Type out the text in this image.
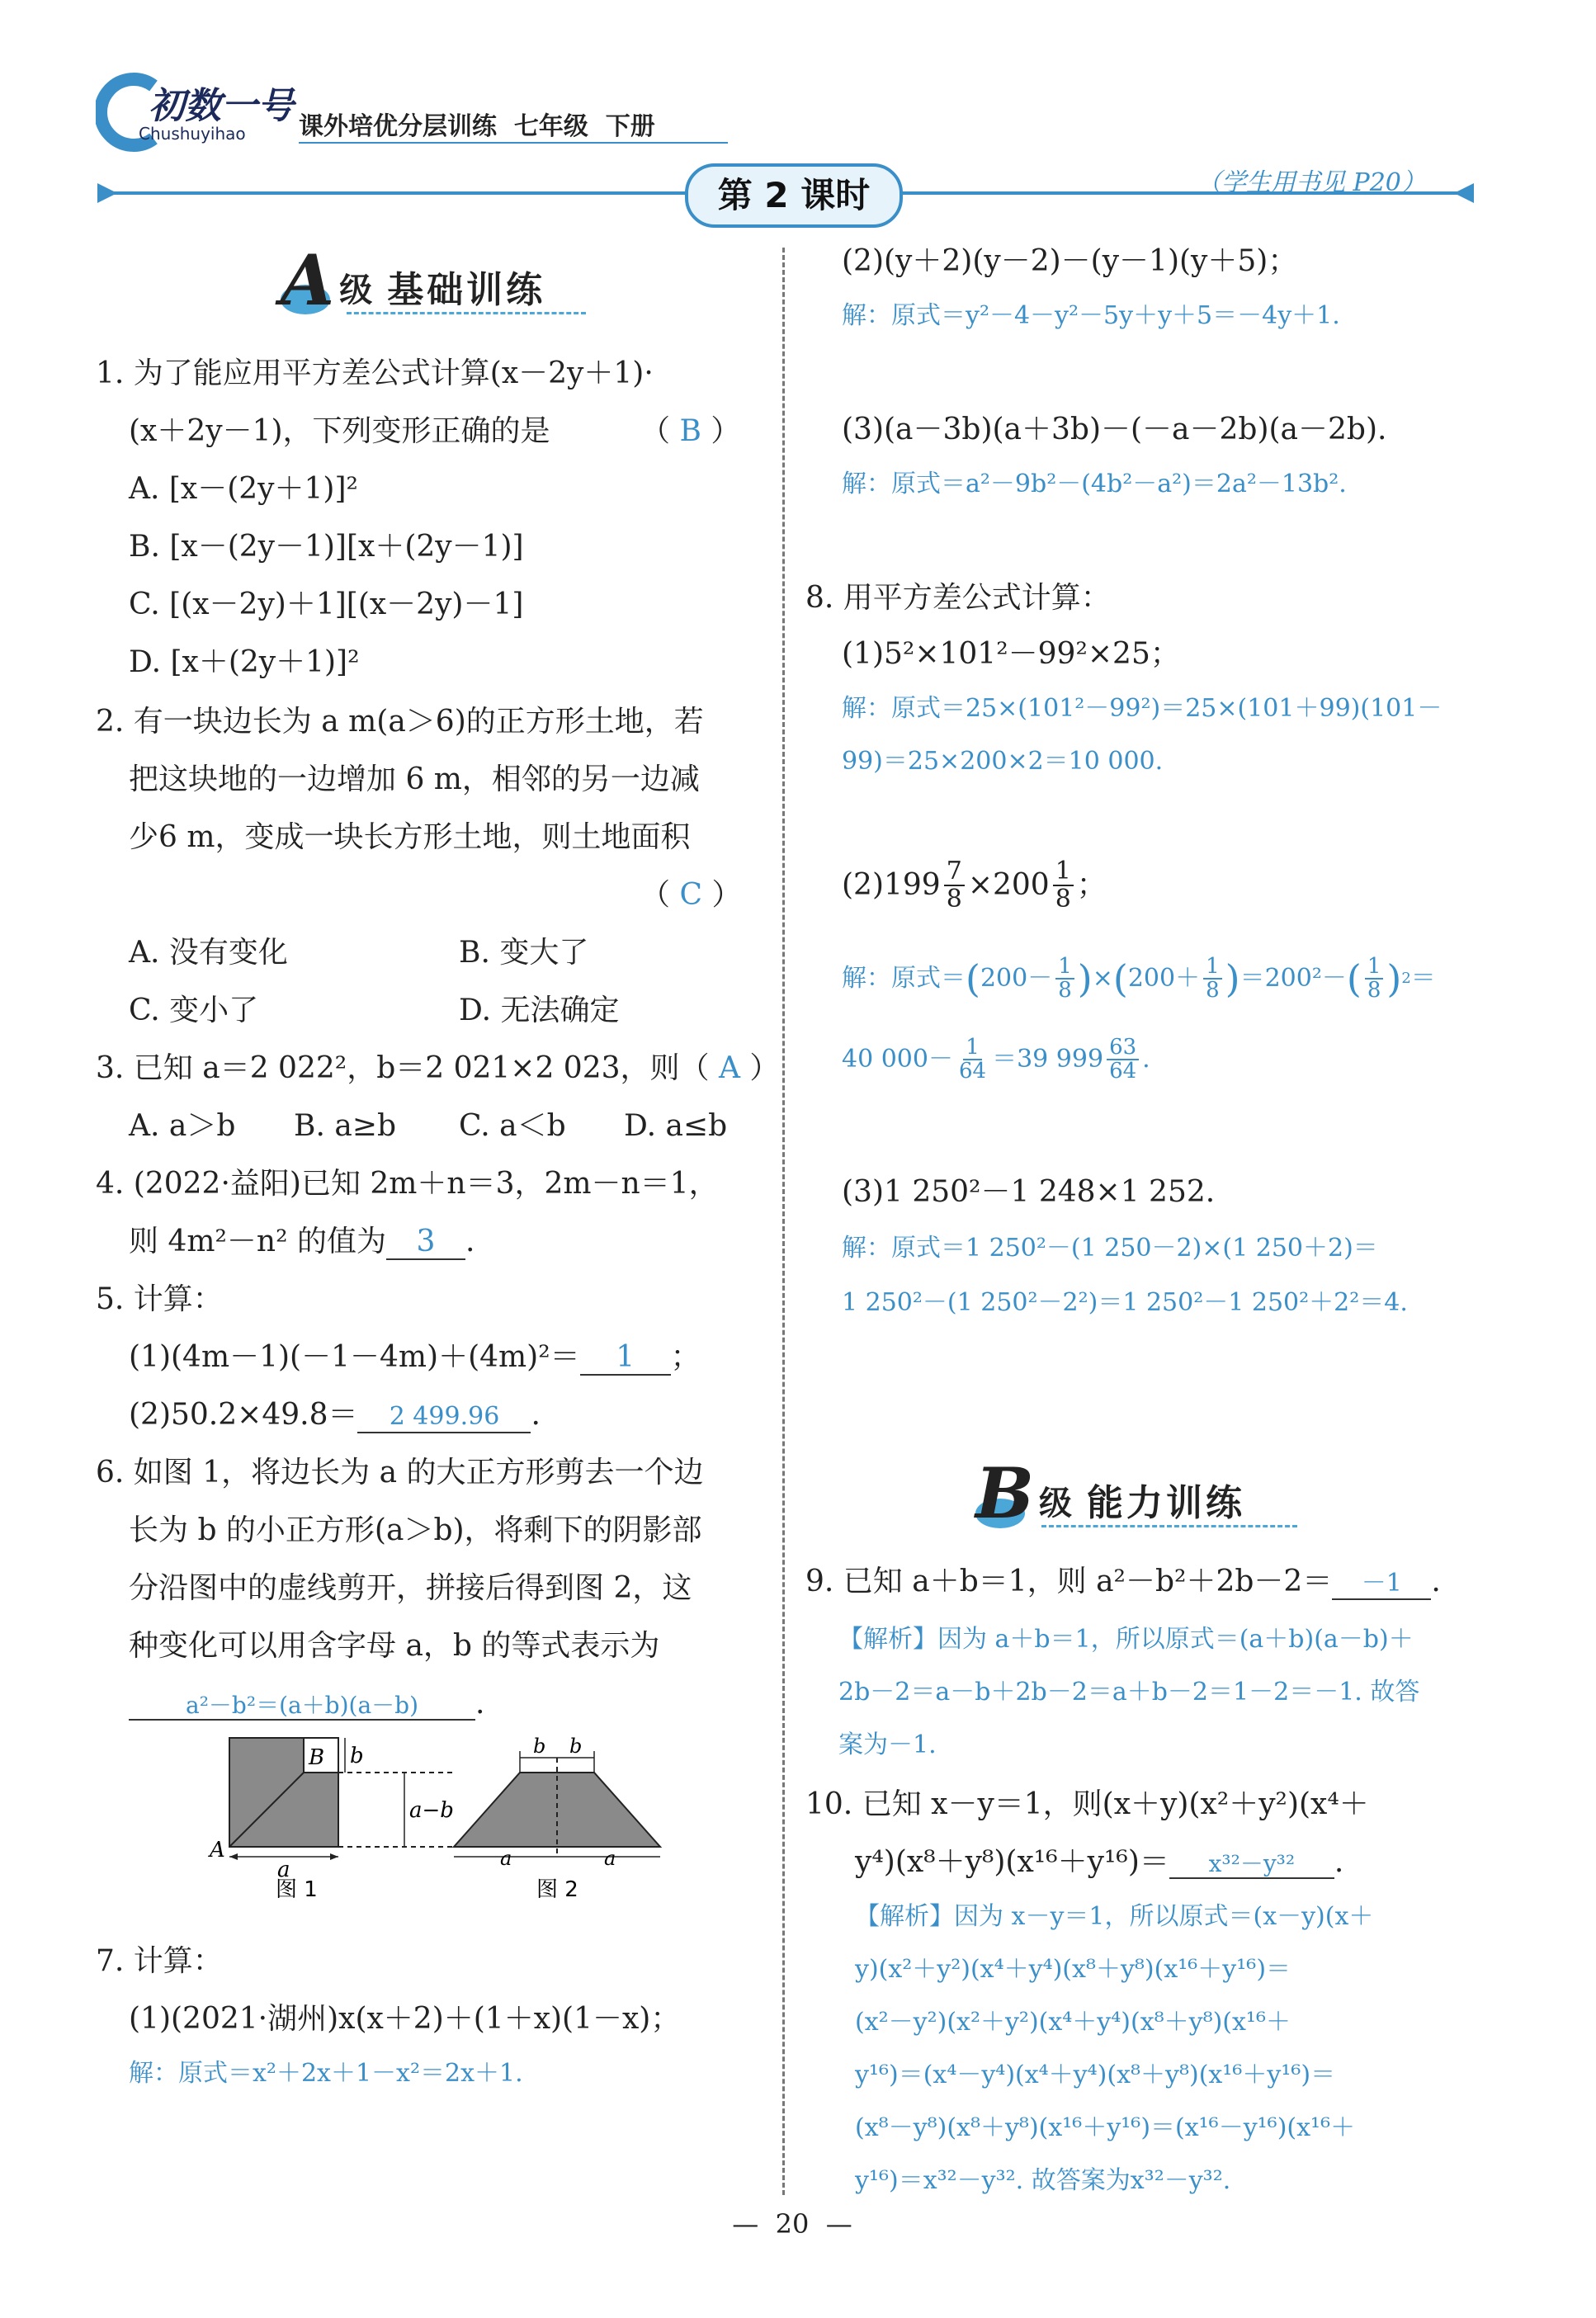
初数一号
Chushuyihao 课外培优分层训练 七年级 下册
第 2 课时	（学生用书见 P20）
A 级 基础训练
1. 为了能应用平方差公式计算(x－2y＋1)·
(x＋2y－1)，下列变形正确的是	（ B ）
A. [x－(2y＋1)]²
B. [x－(2y－1)][x＋(2y－1)]
C. [(x－2y)＋1][(x－2y)－1]
D. [x＋(2y＋1)]²
2. 有一块边长为 a m(a＞6)的正方形土地，若
把这块地的一边增加 6 m，相邻的另一边减
少6 m，变成一块长方形土地，则土地面积
（ C ）
A. 没有变化	B. 变大了
C. 变小了	D. 无法确定
3. 已知 a＝2 022²，b＝2 021×2 023，则（ A ）
A. a＞b B. a≥b C. a＜b D. a≤b
4. (2022·益阳)已知 2m＋n＝3，2m－n＝1，
则 4m²－n² 的值为 3 .
5. 计算：
(1)(4m－1)(－1－4m)＋(4m)²＝ 1 ；
(2)50.2×49.8＝ 2 499.96 .
6. 如图 1，将边长为 a 的大正方形剪去一个边
长为 b 的小正方形(a＞b)，将剩下的阴影部
分沿图中的虚线剪开，拼接后得到图 2，这
种变化可以用含字母 a，b 的等式表示为
a²－b²＝(a＋b)(a－b) .
B b
a−b
A
a
图 1
b b
a	a
图 2
7. 计算：
(1)(2021·湖州)x(x＋2)＋(1＋x)(1－x)；
解：原式＝x²＋2x＋1－x²＝2x＋1.
(2)(y＋2)(y－2)－(y－1)(y＋5)；
解：原式＝y²－4－y²－5y＋y＋5＝－4y＋1.
(3)(a－3b)(a＋3b)－(－a－2b)(a－2b).
解：原式＝a²－9b²－(4b²－a²)＝2a²－13b².
8. 用平方差公式计算：
(1)5²×101²－99²×25；
解：原式＝25×(101²－99²)＝25×(101＋99)(101－
99)＝25×200×2＝10 000.
$(2)199 \frac{7}{8} \times 200 \frac{1}{8}$ ；
解：原式＝ ( $200- \frac{1}{8}$ ) × ( $200+ \frac{1}{8}$ ) ＝200²－ ( $\frac{1}{8}$ ) 2 ＝
40 $000- \frac{1}{64} =39$ $999 \frac{63}{64}$ .
(3)1 250²－1 248×1 252.
解：原式＝1 250²－(1 250－2)×(1 250＋2)＝
1 250²－(1 250²－2²)＝1 250²－1 250²＋2²＝4.
B 级 能力训练
9. 已知 a＋b＝1，则 a²－b²＋2b－2＝ －1 .
【解析】因为 a＋b＝1，所以原式＝(a＋b)(a－b)＋
2b－2＝a－b＋2b－2＝a＋b－2＝1－2＝－1. 故答
案为－1.
10. 已知 x－y＝1，则(x＋y)(x²＋y²)(x⁴＋
y⁴)(x⁸＋y⁸)(x¹⁶＋y¹⁶)＝ x³²－y³² .
【解析】因为 x－y＝1，所以原式＝(x－y)(x＋
y)(x²＋y²)(x⁴＋y⁴)(x⁸＋y⁸)(x¹⁶＋y¹⁶)＝
(x²－y²)(x²＋y²)(x⁴＋y⁴)(x⁸＋y⁸)(x¹⁶＋
y¹⁶)＝(x⁴－y⁴)(x⁴＋y⁴)(x⁸＋y⁸)(x¹⁶＋y¹⁶)＝
(x⁸－y⁸)(x⁸＋y⁸)(x¹⁶＋y¹⁶)＝(x¹⁶－y¹⁶)(x¹⁶＋
y¹⁶)＝x³²－y³². 故答案为x³²－y³².
—  20  —
